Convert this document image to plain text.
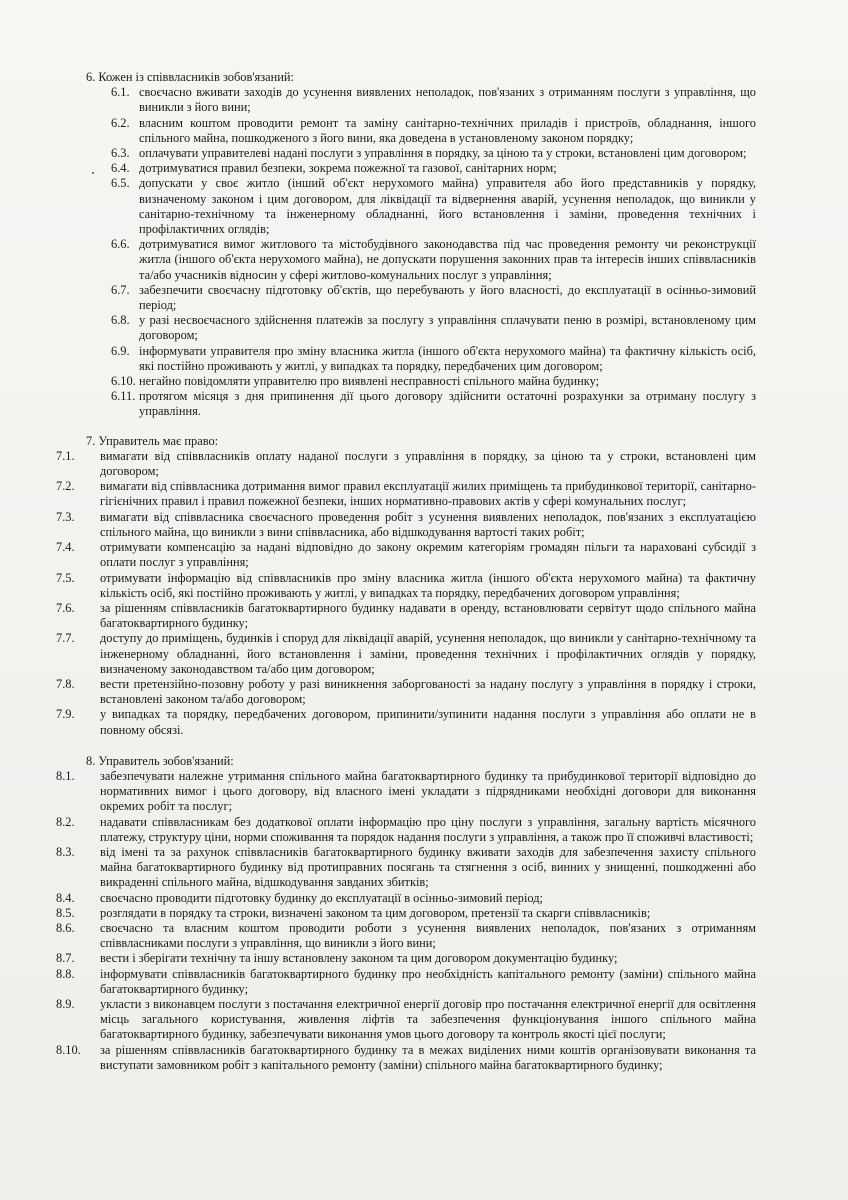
6. Кожен із співвласників зобов'язаний:

6.1. своєчасно вживати заходів до усунення виявлених неполадок, пов'язаних з отриманням послуги з управління, що виникли з його вини;
6.2. власним коштом проводити ремонт та заміну санітарно-технічних приладів і пристроїв, обладнання, іншого спільного майна, пошкодженого з його вини, яка доведена в установленому законом порядку;
6.3. оплачувати управителеві надані послуги з управління в порядку, за ціною та у строки, встановлені цим договором;
6.4. дотримуватися правил безпеки, зокрема пожежної та газової, санітарних норм;
6.5. допускати у своє житло (інший об'єкт нерухомого майна) управителя або його представників у порядку, визначеному законом і цим договором, для ліквідації та відвернення аварій, усунення неполадок, що виникли у санітарно-технічному та інженерному обладнанні, його встановлення і заміни, проведення технічних і профілактичних оглядів;
6.6. дотримуватися вимог житлового та містобудівного законодавства під час проведення ремонту чи реконструкції житла (іншого об'єкта нерухомого майна), не допускати порушення законних прав та інтересів інших співвласників та/або учасників відносин у сфері житлово-комунальних послуг з управління;
6.7. забезпечити своєчасну підготовку об'єктів, що перебувають у його власності, до експлуатації в осінньо-зимовий період;
6.8. у разі несвоєчасного здійснення платежів за послугу з управління сплачувати пеню в розмірі, встановленому цим договором;
6.9. інформувати управителя про зміну власника житла (іншого об'єкта нерухомого майна) та фактичну кількість осіб, які постійно проживають у житлі, у випадках та порядку, передбачених цим договором;
6.10. негайно повідомляти управителю про виявлені несправності спільного майна будинку;
6.11. протягом місяця з дня припинення дії цього договору здійснити остаточні розрахунки за отриману послугу з управління.

7. Управитель має право:

7.1. вимагати від співвласників оплату наданої послуги з управління в порядку, за ціною та у строки, встановлені цим договором;
7.2. вимагати від співвласника дотримання вимог правил експлуатації жилих приміщень та прибудинкової території, санітарно-гігієнічних правил і правил пожежної безпеки, інших нормативно-правових актів у сфері комунальних послуг;
7.3. вимагати від співвласника своєчасного проведення робіт з усунення виявлених неполадок, пов'язаних з експлуатацією спільного майна, що виникли з вини співвласника, або відшкодування вартості таких робіт;
7.4. отримувати компенсацію за надані відповідно до закону окремим категоріям громадян пільги та нараховані субсидії з оплати послуг з управління;
7.5. отримувати інформацію від співвласників про зміну власника житла (іншого об'єкта нерухомого майна) та фактичну кількість осіб, які постійно проживають у житлі, у випадках та порядку, передбачених договором управління;
7.6. за рішенням співвласників багатоквартирного будинку надавати в оренду, встановлювати сервітут щодо спільного майна багатоквартирного будинку;
7.7. доступу до приміщень, будинків і споруд для ліквідації аварій, усунення неполадок, що виникли у санітарно-технічному та інженерному обладнанні, його встановлення і заміни, проведення технічних і профілактичних оглядів у порядку, визначеному законодавством та/або цим договором;
7.8. вести претензійно-позовну роботу у разі виникнення заборгованості за надану послугу з управління в порядку і строки, встановлені законом та/або договором;
7.9. у випадках та порядку, передбачених договором, припинити/зупинити надання послуги з управління або оплати не в повному обсязі.

8. Управитель зобов'язаний:

8.1. забезпечувати належне утримання спільного майна багатоквартирного будинку та прибудинкової території відповідно до нормативних вимог і цього договору, від власного імені укладати з підрядниками необхідні договори для виконання окремих робіт та послуг;
8.2. надавати співвласникам без додаткової оплати інформацію про ціну послуги з управління, загальну вартість місячного платежу, структуру ціни, норми споживання та порядок надання послуги з управління, а також про її споживчі властивості;
8.3. від імені та за рахунок співвласників багатоквартирного будинку вживати заходів для забезпечення захисту спільного майна багатоквартирного будинку від протиправних посягань та стягнення з осіб, винних у знищенні, пошкодженні або викраденні спільного майна, відшкодування завданих збитків;
8.4. своєчасно проводити підготовку будинку до експлуатації в осінньо-зимовий період;
8.5. розглядати в порядку та строки, визначені законом та цим договором, претензії та скарги співвласників;
8.6. своєчасно та власним коштом проводити роботи з усунення виявлених неполадок, пов'язаних з отриманням співвласниками послуги з управління, що виникли з його вини;
8.7. вести і зберігати технічну та іншу встановлену законом та цим договором документацію будинку;
8.8. інформувати співвласників багатоквартирного будинку про необхідність капітального ремонту (заміни) спільного майна багатоквартирного будинку;
8.9. укласти з виконавцем послуги з постачання електричної енергії договір про постачання електричної енергії для освітлення місць загального користування, живлення ліфтів та забезпечення функціонування іншого спільного майна багатоквартирного будинку, забезпечувати виконання умов цього договору та контроль якості цієї послуги;
8.10. за рішенням співвласників багатоквартирного будинку та в межах виділених ними коштів організовувати виконання та виступати замовником робіт з капітального ремонту (заміни) спільного майна багатоквартирного будинку;
